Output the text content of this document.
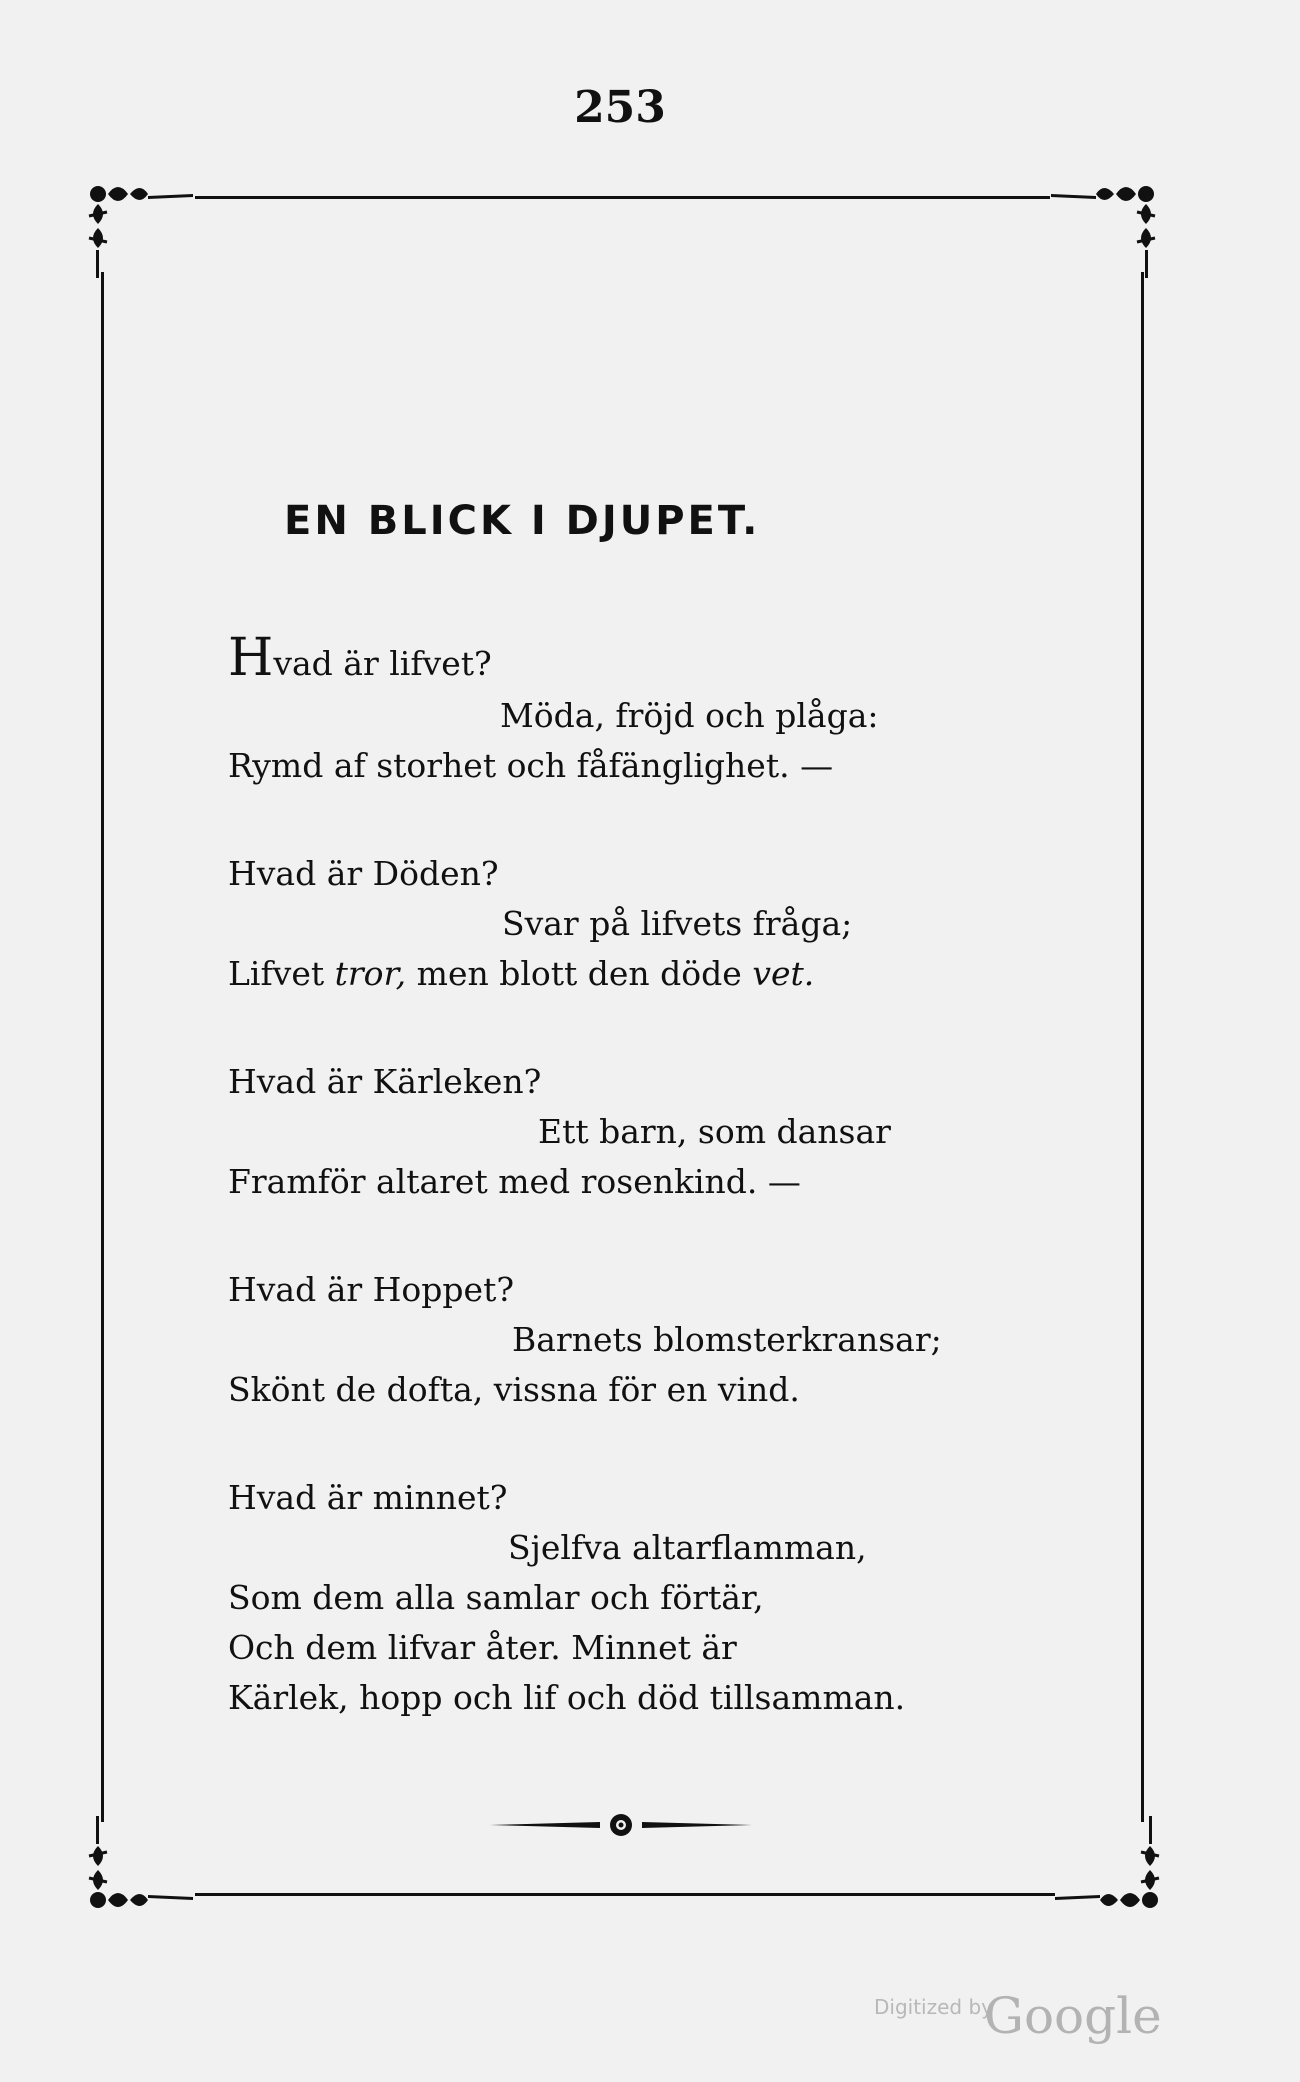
253
EN BLICK I DJUPET.
Hvad är lifvet?
Möda, fröjd och plåga:
Rymd af storhet och fåfänglighet. —
Hvad är Döden?
Svar på lifvets fråga;
Lifvet tror, men blott den döde vet.
Hvad är Kärleken?
Ett barn, som dansar
Framför altaret med rosenkind. —
Hvad är Hoppet?
Barnets blomsterkransar;
Skönt de dofta, vissna för en vind.
Hvad är minnet?
Sjelfva altarflamman,
Som dem alla samlar och förtär,
Och dem lifvar åter. Minnet är
Kärlek, hopp och lif och död tillsamman.
Digitized by
Google
